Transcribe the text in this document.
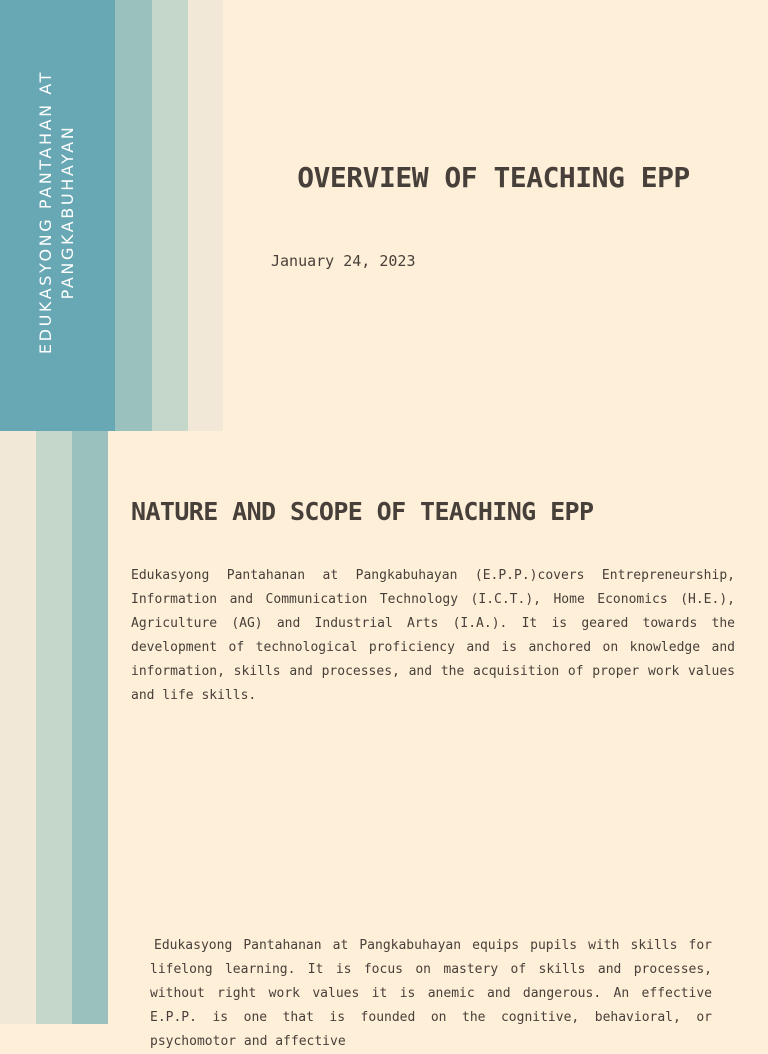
EDUKASYONG PANTAHAN AT PANGKABUHAYAN	OVERVIEW OF TEACHING EPP

January 24, 2023

NATURE AND SCOPE OF TEACHING EPP

Edukasyong Pantahanan at Pangkabuhayan (E.P.P.)covers Entrepreneurship, Information and Communication Technology (I.C.T.), Home Economics (H.E.), Agriculture (AG) and Industrial Arts (I.A.). It is geared towards the development of technological proficiency and is anchored on knowledge and information, skills and processes, and the acquisition of proper work values and life skills.

Edukasyong Pantahanan at Pangkabuhayan equips pupils with skills for lifelong learning. It is focus on mastery of skills and processes, without right work values it is anemic and dangerous. An effective E.P.P. is one that is founded on the cognitive, behavioral, or psychomotor and affective
